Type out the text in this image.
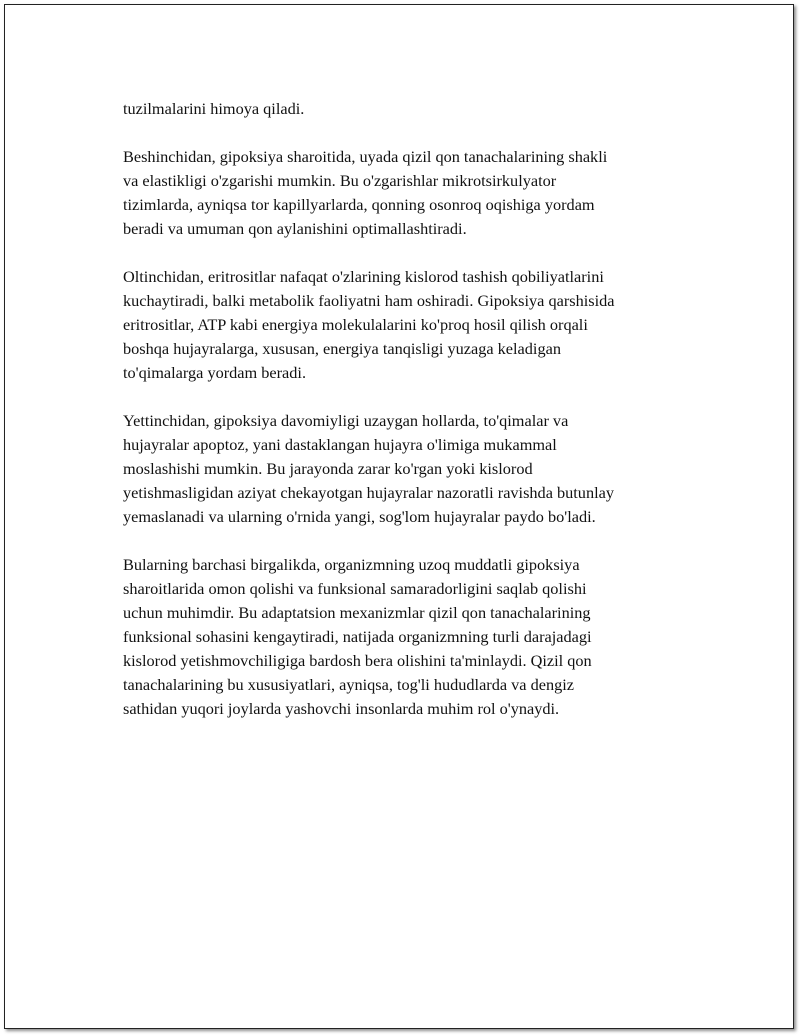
tuzilmalarini himoya qiladi.

Beshinchidan, gipoksiya sharoitida, uyada qizil qon tanachalarining shakli
va elastikligi o'zgarishi mumkin. Bu o'zgarishlar mikrotsirkulyator
tizimlarda, ayniqsa tor kapillyarlarda, qonning osonroq oqishiga yordam
beradi va umuman qon aylanishini optimallashtiradi.

Oltinchidan, eritrositlar nafaqat o'zlarining kislorod tashish qobiliyatlarini
kuchaytiradi, balki metabolik faoliyatni ham oshiradi. Gipoksiya qarshisida
eritrositlar, ATP kabi energiya molekulalarini ko'proq hosil qilish orqali
boshqa hujayralarga, xususan, energiya tanqisligi yuzaga keladigan
to'qimalarga yordam beradi.

Yettinchidan, gipoksiya davomiyligi uzaygan hollarda, to'qimalar va
hujayralar apoptoz, yani dastaklangan hujayra o'limiga mukammal
moslashishi mumkin. Bu jarayonda zarar ko'rgan yoki kislorod
yetishmasligidan aziyat chekayotgan hujayralar nazoratli ravishda butunlay
yemaslanadi va ularning o'rnida yangi, sog'lom hujayralar paydo bo'ladi.

Bularning barchasi birgalikda, organizmning uzoq muddatli gipoksiya
sharoitlarida omon qolishi va funksional samaradorligini saqlab qolishi
uchun muhimdir. Bu adaptatsion mexanizmlar qizil qon tanachalarining
funksional sohasini kengaytiradi, natijada organizmning turli darajadagi
kislorod yetishmovchiligiga bardosh bera olishini ta'minlaydi. Qizil qon
tanachalarining bu xususiyatlari, ayniqsa, tog'li hududlarda va dengiz
sathidan yuqori joylarda yashovchi insonlarda muhim rol o'ynaydi.
